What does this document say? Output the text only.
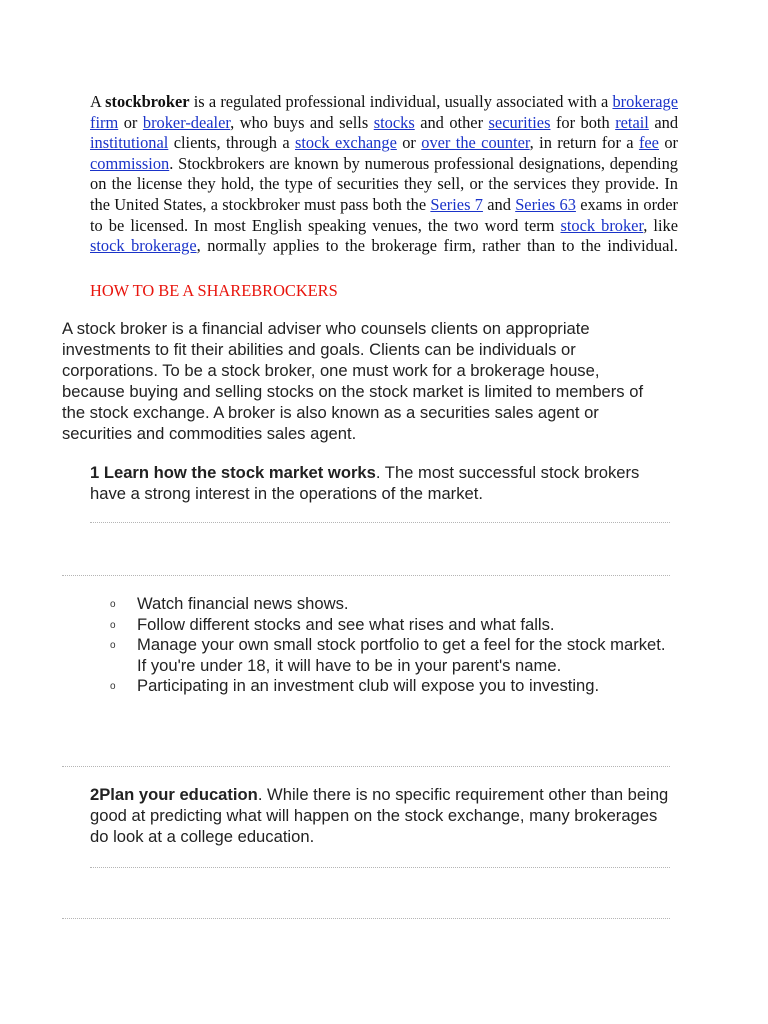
A stockbroker is a regulated professional individual, usually associated with a brokerage firm or broker-dealer, who buys and sells stocks and other securities for both retail and institutional clients, through a stock exchange or over the counter, in return for a fee or commission. Stockbrokers are known by numerous professional designations, depending on the license they hold, the type of securities they sell, or the services they provide. In the United States, a stockbroker must pass both the Series 7 and Series 63 exams in order to be licensed. In most English speaking venues, the two word term stock broker, like stock brokerage, normally applies to the brokerage firm, rather than to the individual.
HOW TO BE A SHAREBROCKERS
A stock broker is a financial adviser who counsels clients on appropriate investments to fit their abilities and goals. Clients can be individuals or corporations. To be a stock broker, one must work for a brokerage house, because buying and selling stocks on the stock market is limited to members of the stock exchange. A broker is also known as a securities sales agent or securities and commodities sales agent.
1 Learn how the stock market works. The most successful stock brokers have a strong interest in the operations of the market.
o Watch financial news shows.
o Follow different stocks and see what rises and what falls.
o Manage your own small stock portfolio to get a feel for the stock market. If you're under 18, it will have to be in your parent's name.
o Participating in an investment club will expose you to investing.
2Plan your education. While there is no specific requirement other than being good at predicting what will happen on the stock exchange, many brokerages do look at a college education.
